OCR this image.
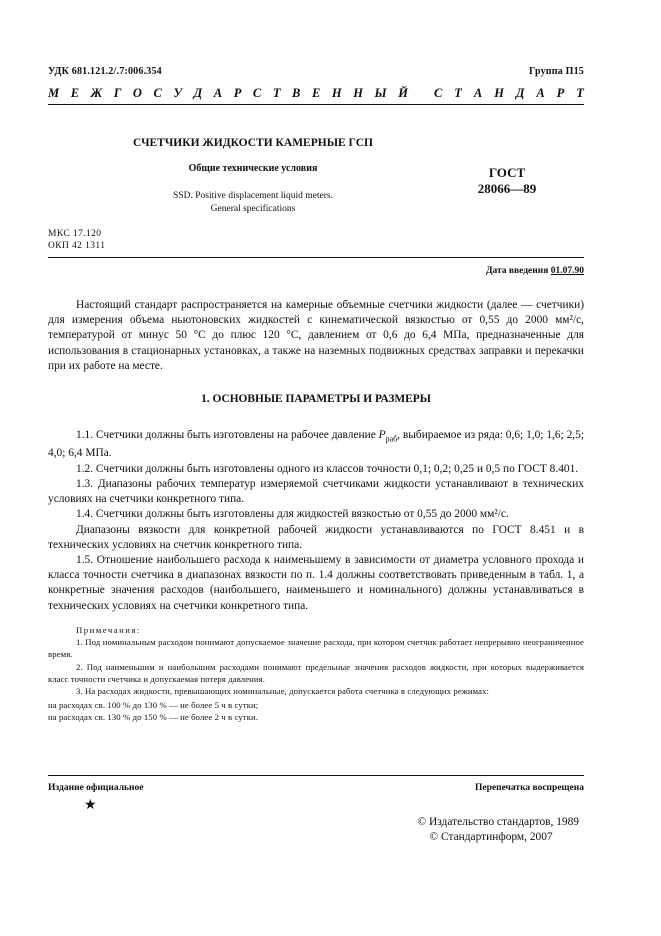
УДК 681.121.2/.7:006.354	Группа П15
М Е Ж Г О С У Д А Р С Т В Е Н Н Ы Й С Т А Н Д А Р Т
СЧЕТЧИКИ ЖИДКОСТИ КАМЕРНЫЕ ГСП
Общие технические условия
SSD. Positive displacement liquid meters.
General specifications
ГОСТ
28066—89
МКС 17.120
ОКП 42 1311
Дата введения 01.07.90

Настоящий стандарт распространяется на камерные объемные счетчики жидкости (далее — счетчики) для измерения объема ньютоновских жидкостей с кинематической вязкостью от 0,55 до 2000 мм²/с, температурой от минус 50 °С до плюс 120 °С, давлением от 0,6 до 6,4 МПа, предназначенные для использования в стационарных установках, а также на наземных подвижных средствах заправки и перекачки при их работе на месте.

1. ОСНОВНЫЕ ПАРАМЕТРЫ И РАЗМЕРЫ

1.1. Счетчики должны быть изготовлены на рабочее давление $P_{раб}$, выбираемое из ряда: 0,6; 1,0; 1,6; 2,5; 4,0; 6,4 МПа.

1.2. Счетчики должны быть изготовлены одного из классов точности 0,1; 0,2; 0,25 и 0,5 по ГОСТ 8.401.

1.3. Диапазоны рабочих температур измеряемой счетчиками жидкости устанавливают в технических условиях на счетчики конкретного типа.

1.4. Счетчики должны быть изготовлены для жидкостей вязкостью от 0,55 до 2000 мм²/с.

Диапазоны вязкости для конкретной рабочей жидкости устанавливаются по ГОСТ 8.451 и в технических условиях на счетчик конкретного типа.

1.5. Отношение наибольшего расхода к наименьшему в зависимости от диаметра условного прохода и класса точности счетчика в диапазонах вязкости по п. 1.4 должны соответствовать приведенным в табл. 1, а конкретные значения расходов (наибольшего, наименьшего и номинального) должны устанавливаться в технических условиях на счетчики конкретного типа.

Примечания:

1. Под номинальным расходом понимают допускаемое значение расхода, при котором счетчик работает непрерывно неограниченное время.

2. Под наименьшим и наибольшим расходами понимают предельные значения расходов жидкости, при которых выдерживается класс точности счетчика и допускаемая потеря давления.

3. На расходах жидкости, превышающих номинальные, допускается работа счетчика в следующих режимах:

на расходах св. 100 % до 130 % — не более 5 ч в сутки;
на расходах св. 130 % до 150 % — не более 2 ч в сутки.
Издание официальное	Перепечатка воспрещена
★
© Издательство стандартов, 1989
© Стандартинформ, 2007
